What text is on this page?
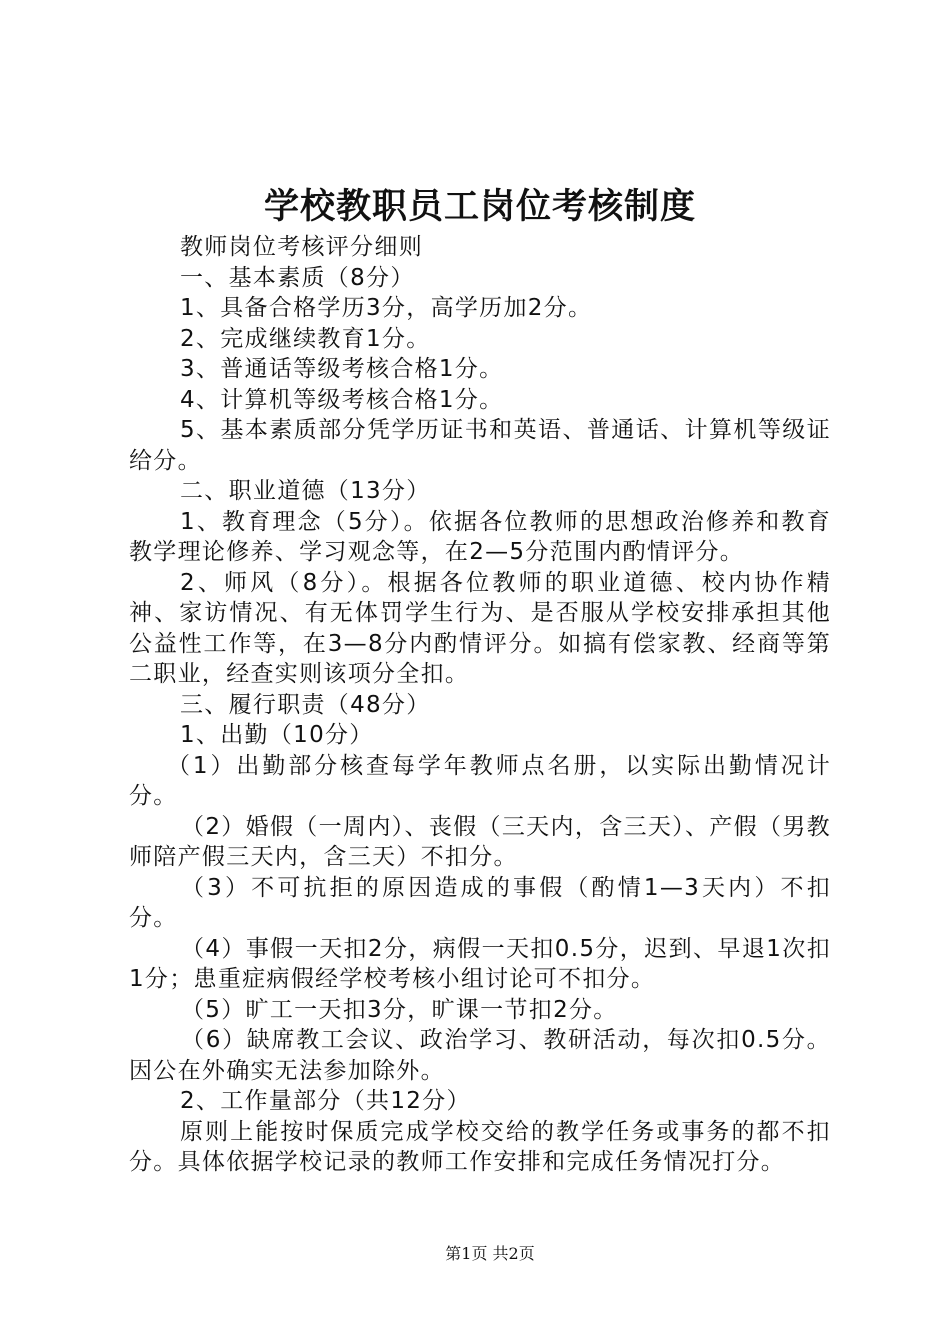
学校教职员工岗位考核制度

教师岗位考核评分细则

一、基本素质（8分）

1、具备合格学历3分，高学历加2分。

2、完成继续教育1分。

3、普通话等级考核合格1分。

4、计算机等级考核合格1分。

5、基本素质部分凭学历证书和英语、普通话、计算机等级证给分。

二、职业道德（13分）

1、教育理念（5分）。依据各位教师的思想政治修养和教育教学理论修养、学习观念等，在2—5分范围内酌情评分。

2、师风（8分）。根据各位教师的职业道德、校内协作精神、家访情况、有无体罚学生行为、是否服从学校安排承担其他公益性工作等，在3—8分内酌情评分。如搞有偿家教、经商等第二职业，经查实则该项分全扣。

三、履行职责（48分）

1、出勤（10分）

（1）出勤部分核查每学年教师点名册，以实际出勤情况计分。

（2）婚假（一周内）、丧假（三天内，含三天）、产假（男教师陪产假三天内，含三天）不扣分。

（3）不可抗拒的原因造成的事假（酌情1—3天内）不扣分。

（4）事假一天扣2分，病假一天扣0.5分，迟到、早退1次扣1分；患重症病假经学校考核小组讨论可不扣分。

（5）旷工一天扣3分，旷课一节扣2分。

（6）缺席教工会议、政治学习、教研活动，每次扣0.5分。因公在外确实无法参加除外。

2、工作量部分（共12分）

原则上能按时保质完成学校交给的教学任务或事务的都不扣分。具体依据学校记录的教师工作安排和完成任务情况打分。

第1页 共2页
